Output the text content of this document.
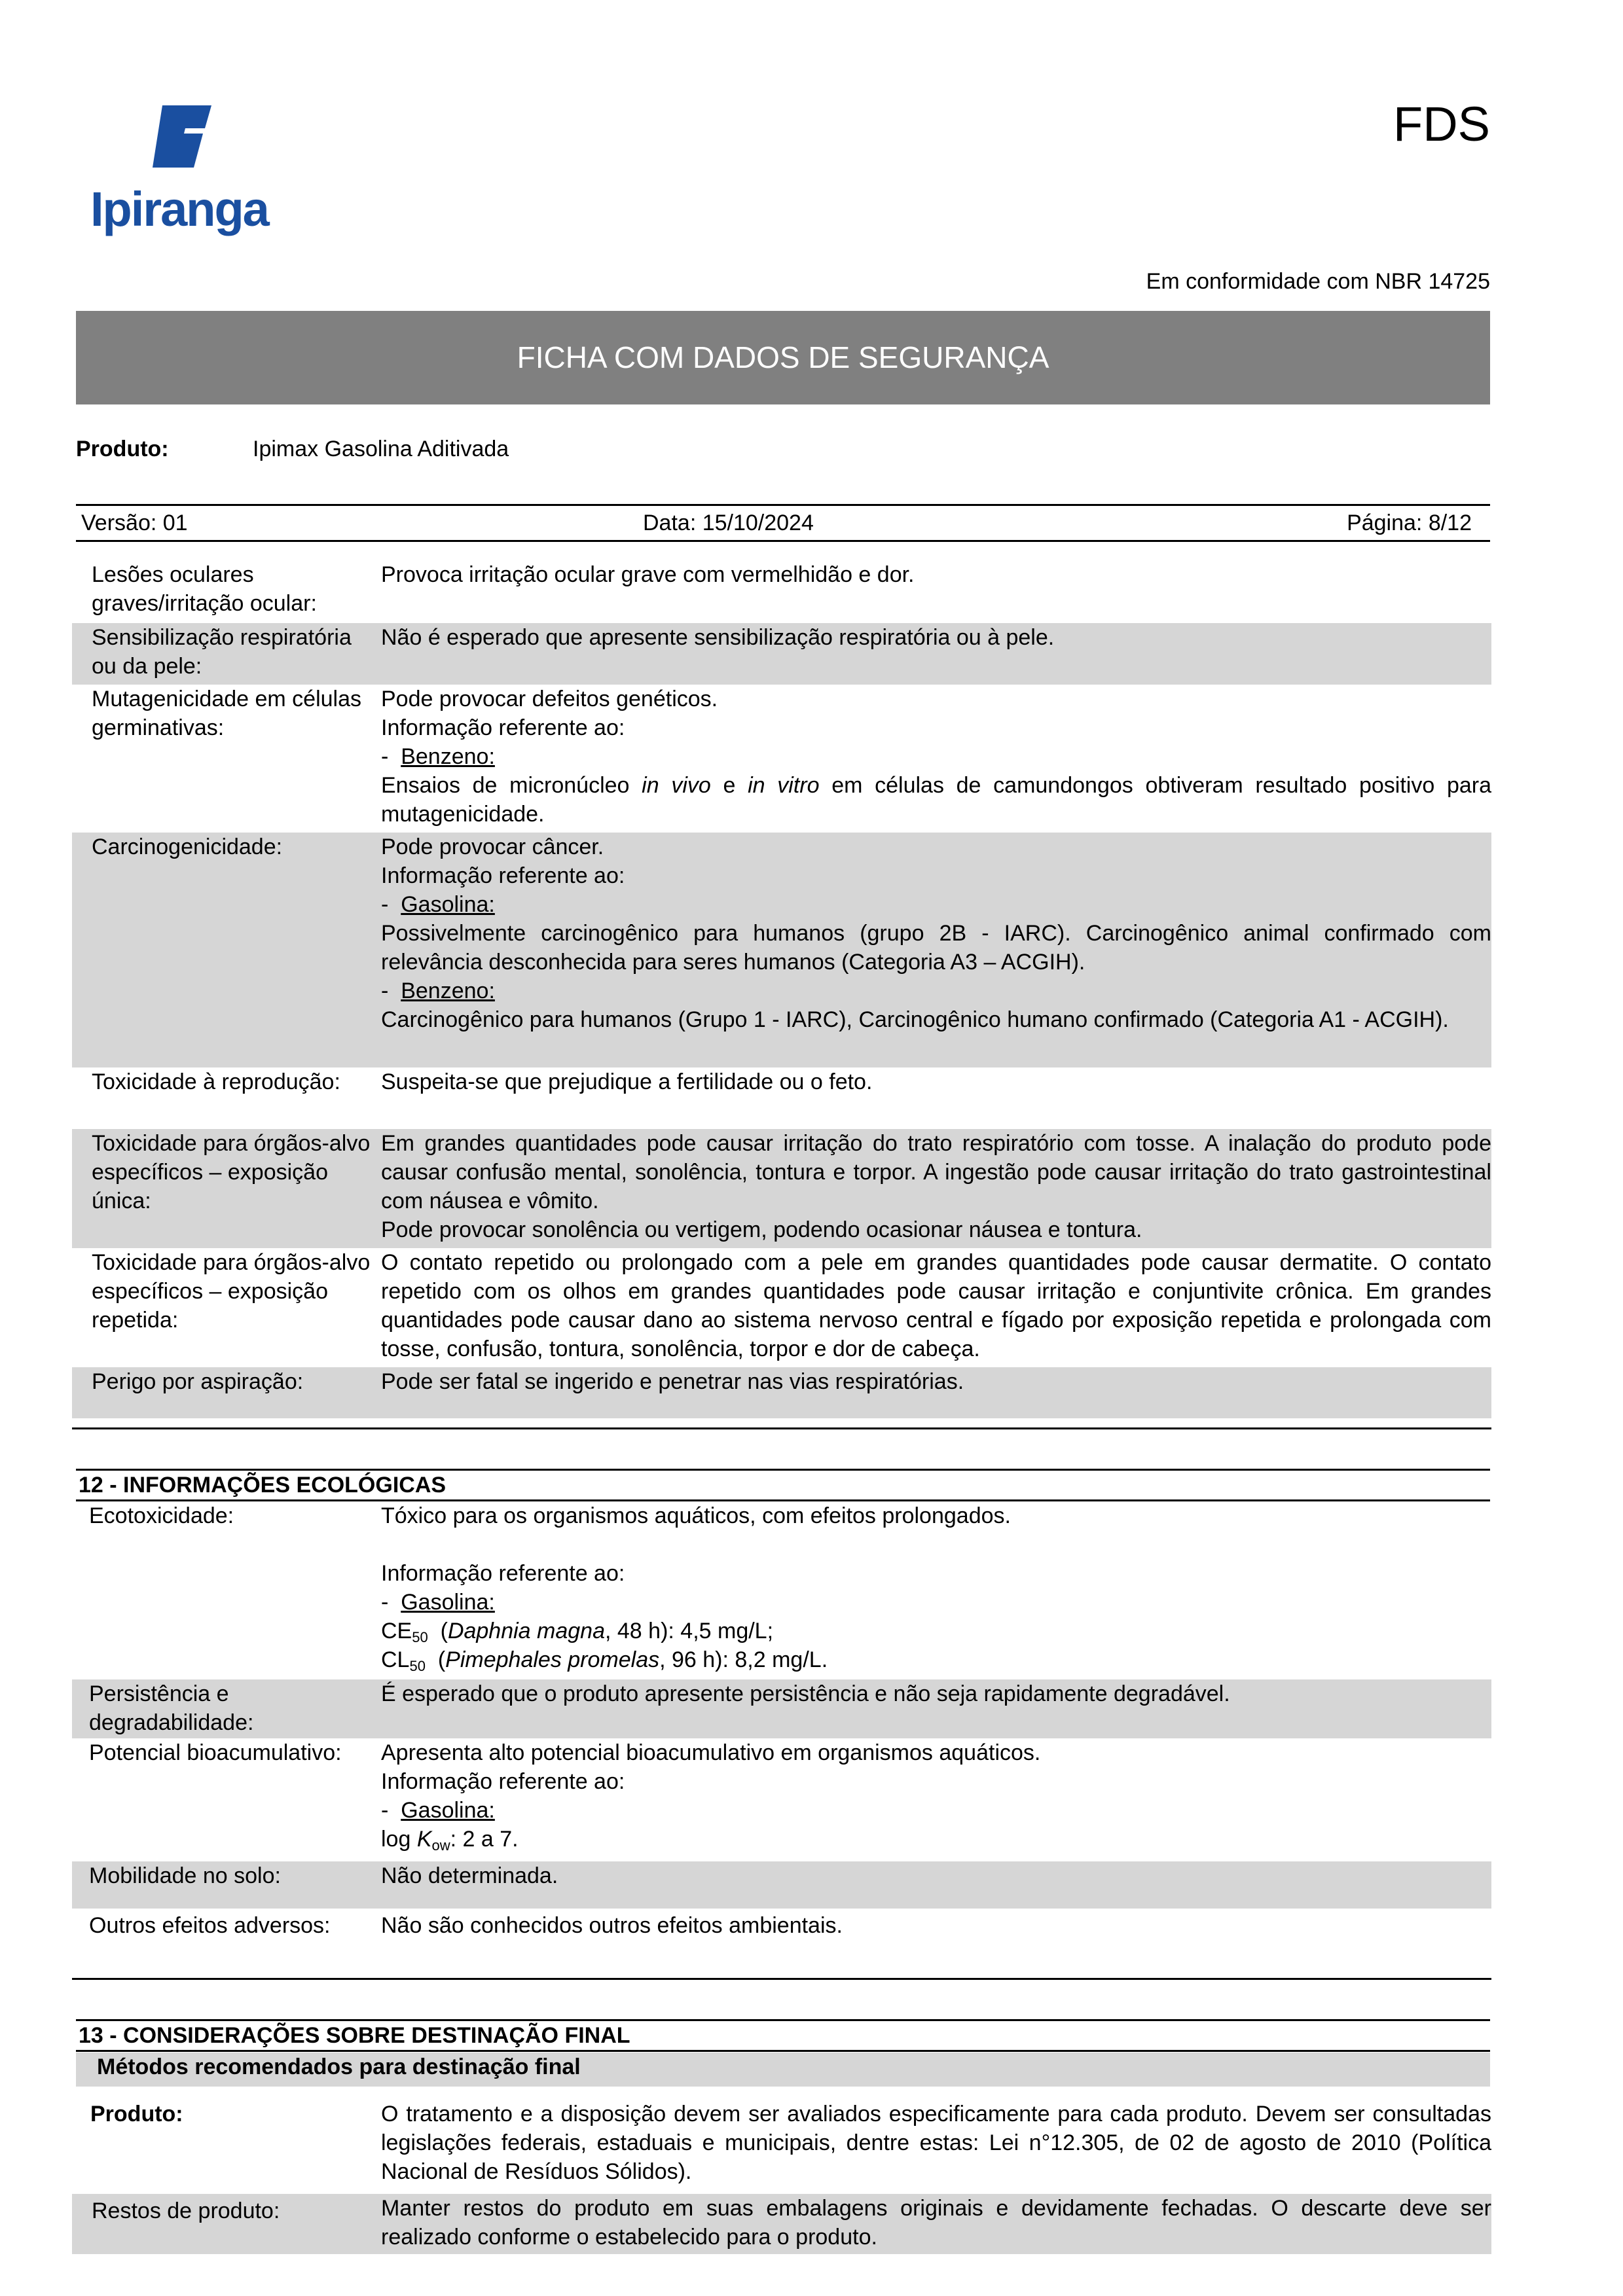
Ipiranga
FDS
Em conformidade com NBR 14725
FICHA COM DADOS DE SEGURANÇA
Produto:	Ipimax Gasolina Aditivada
Versão: 01	Data: 15/10/2024	Página: 8/12
Lesões oculares graves/irritação ocular:
Provoca irritação ocular grave com vermelhidão e dor.
Sensibilização respiratória ou da pele:
Não é esperado que apresente sensibilização respiratória ou à pele.
Mutagenicidade em células germinativas:

Pode provocar defeitos genéticos.

Informação referente ao:

-  Benzeno:

Ensaios de micronúcleo in vivo e in vitro em células de camundongos obtiveram resultado positivo para mutagenicidade.

Carcinogenicidade:	Pode provocar câncer.

Informação referente ao:

-  Gasolina:

Possivelmente carcinogênico para humanos (grupo 2B - IARC). Carcinogênico animal confirmado com relevância desconhecida para seres humanos (Categoria A3 – ACGIH).

-  Benzeno:

Carcinogênico para humanos (Grupo 1 - IARC), Carcinogênico humano confirmado (Categoria A1 - ACGIH).

Toxicidade à reprodução:	Suspeita-se que prejudique a fertilidade ou o feto.
Toxicidade para órgãos-alvo específicos – exposição única:

Em grandes quantidades pode causar irritação do trato respiratório com tosse. A inalação do produto pode causar confusão mental, sonolência, tontura e torpor. A ingestão pode causar irritação do trato gastrointestinal com náusea e vômito.

Pode provocar sonolência ou vertigem, podendo ocasionar náusea e tontura.

Toxicidade para órgãos-alvo específicos – exposição repetida:
O contato repetido ou prolongado com a pele em grandes quantidades pode causar dermatite. O contato repetido com os olhos em grandes quantidades pode causar irritação e conjuntivite crônica. Em grandes quantidades pode causar dano ao sistema nervoso central e fígado por exposição repetida e prolongada com tosse, confusão, tontura, sonolência, torpor e dor de cabeça.
Perigo por aspiração:	Pode ser fatal se ingerido e penetrar nas vias respiratórias.
12 - INFORMAÇÕES ECOLÓGICAS
Ecotoxicidade:	Tóxico para os organismos aquáticos, com efeitos prolongados.

Informação referente ao:

-  Gasolina:

$CE_{50}$  (Daphnia magna, 48 h): 4,5 mg/L;

$CL_{50}$  (Pimephales promelas, 96 h): 8,2 mg/L.

Persistência e degradabilidade:
É esperado que o produto apresente persistência e não seja rapidamente degradável.
Potencial bioacumulativo:	Apresenta alto potencial bioacumulativo em organismos aquáticos.

Informação referente ao:

-  Gasolina:

$\log K_{ow}$: 2 a 7.

Mobilidade no solo:	Não determinada.
Outros efeitos adversos:	Não são conhecidos outros efeitos ambientais.
13 - CONSIDERAÇÕES SOBRE DESTINAÇÃO FINAL
Métodos recomendados para destinação final
Produto:	O tratamento e a disposição devem ser avaliados especificamente para cada produto. Devem ser consultadas legislações federais, estaduais e municipais, dentre estas: Lei n°12.305, de 02 de agosto de 2010 (Política Nacional de Resíduos Sólidos).
Restos de produto:	Manter restos do produto em suas embalagens originais e devidamente fechadas. O descarte deve ser realizado conforme o estabelecido para o produto.
